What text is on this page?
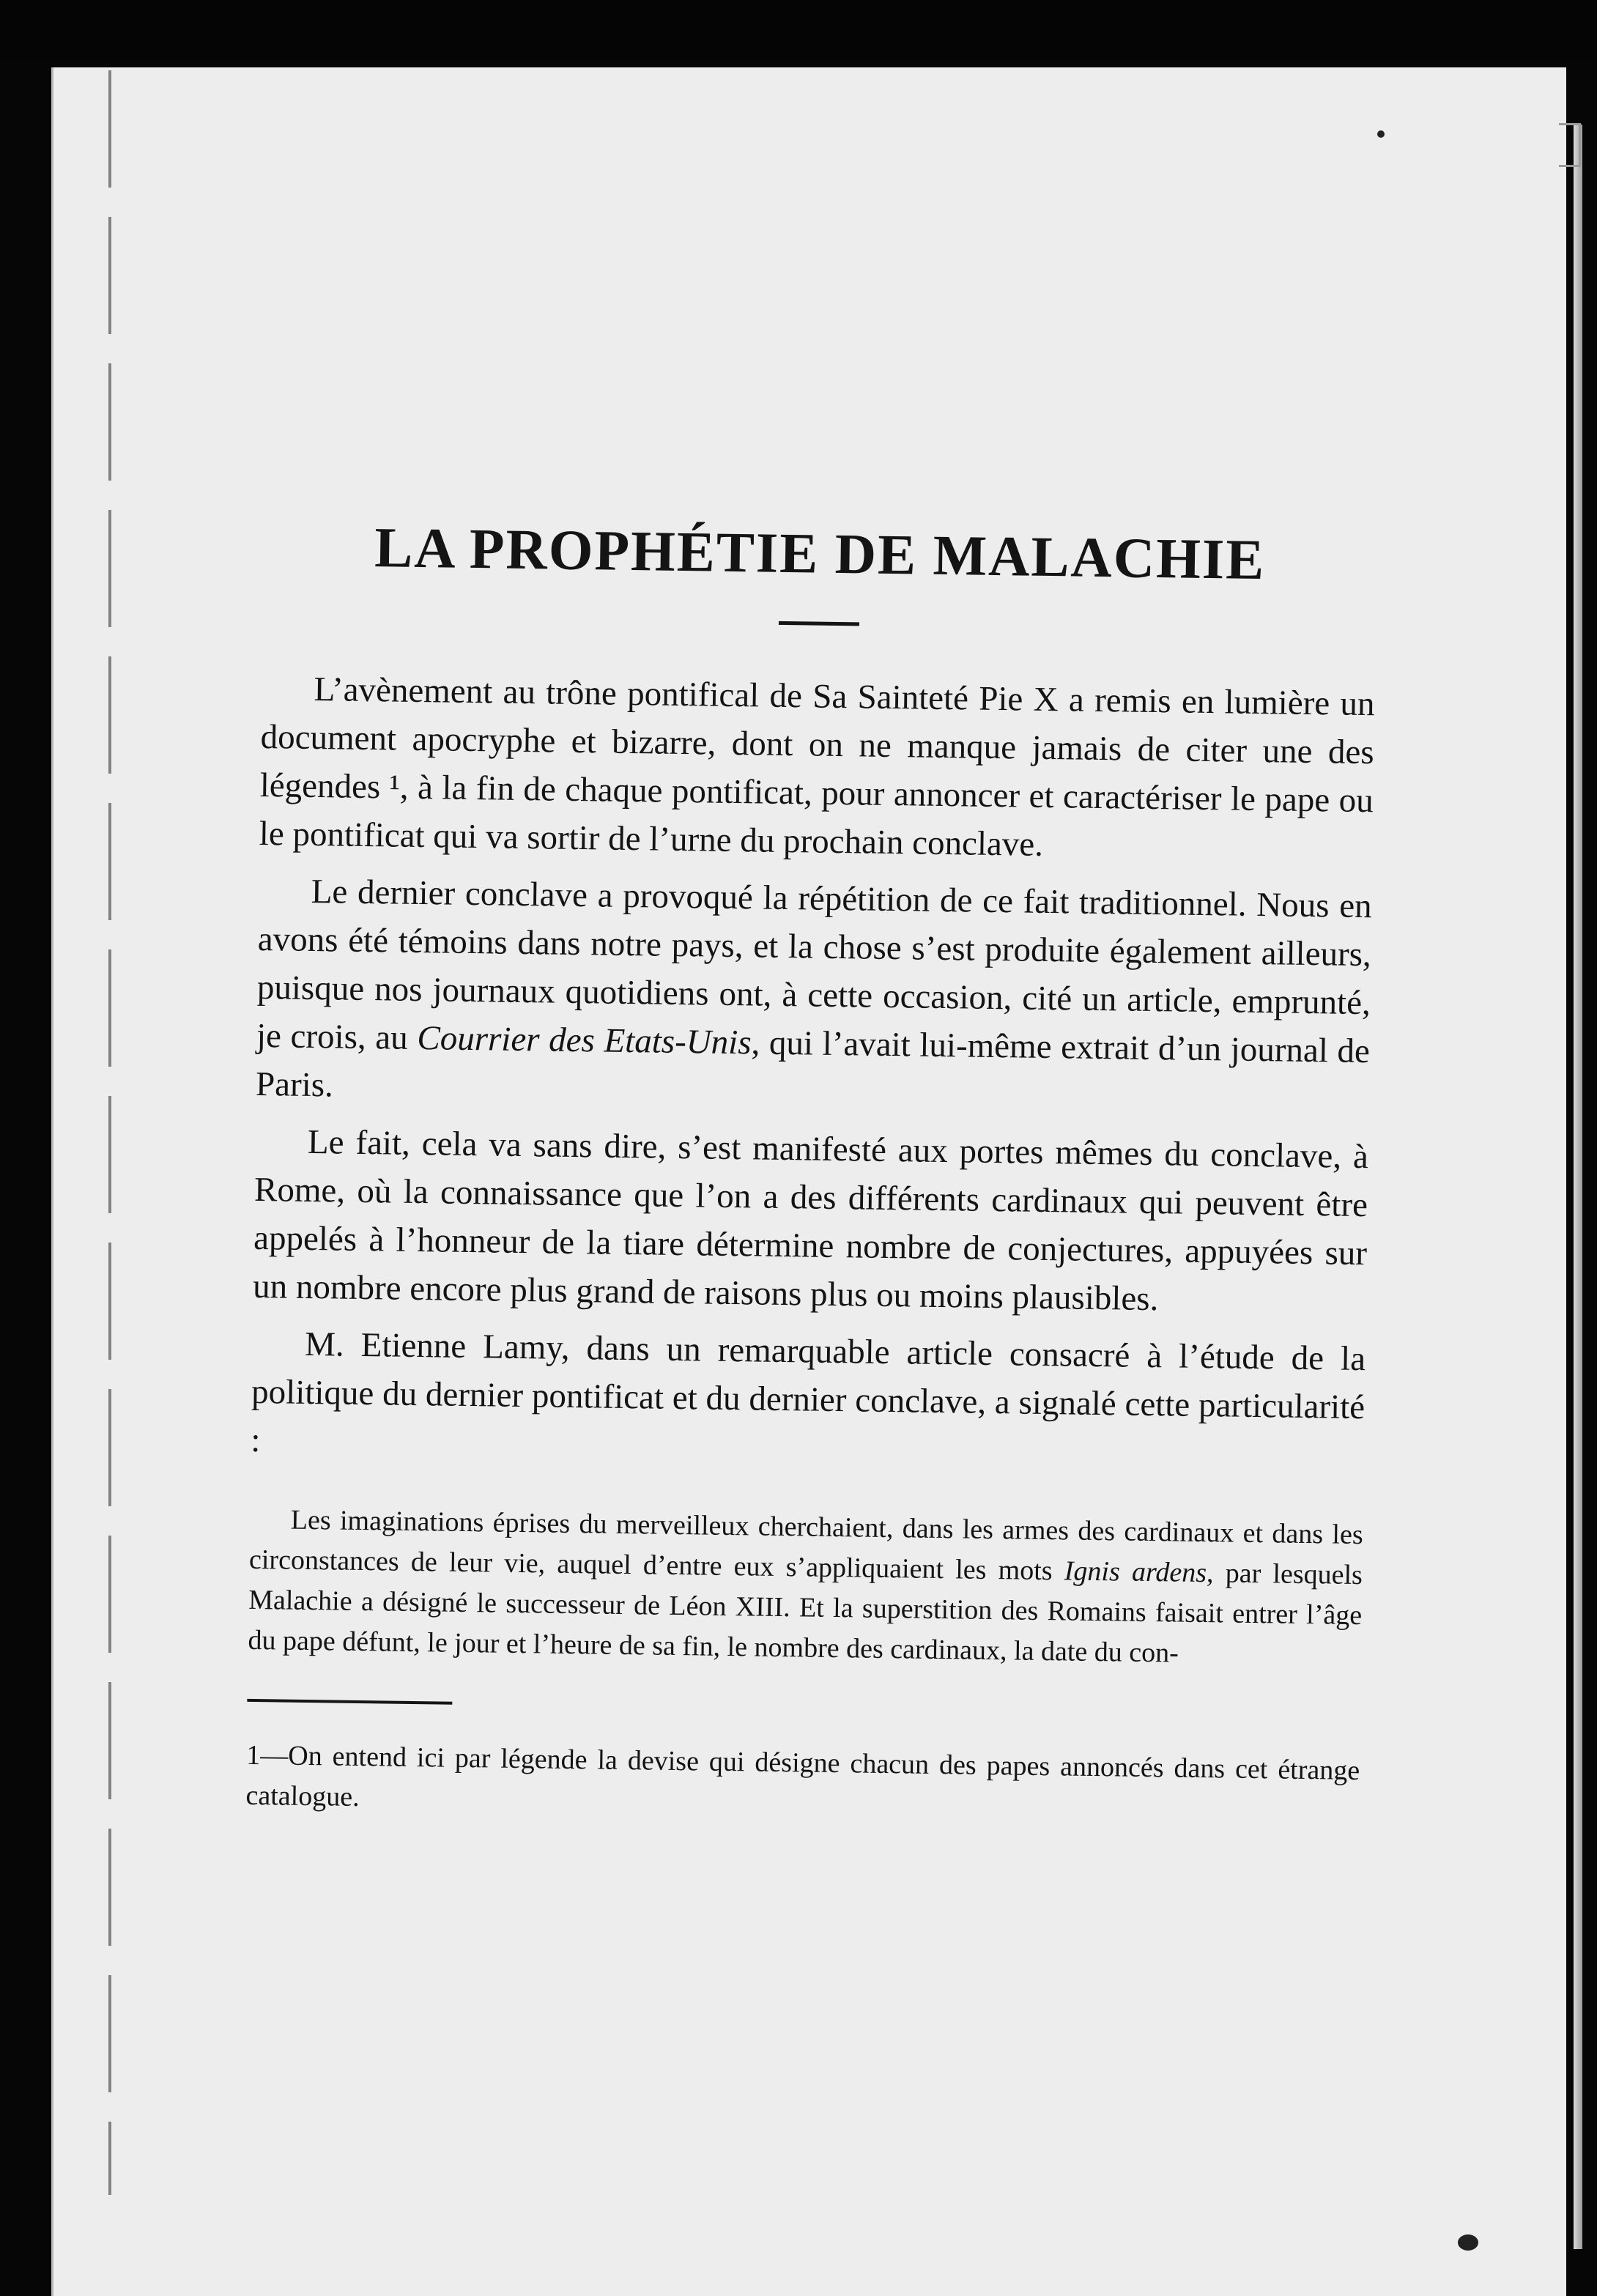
LA PROPHÉTIE DE MALACHIE

L’avènement au trône pontifical de Sa Sainteté Pie X a remis en lumière un document apocryphe et bizarre, dont on ne manque jamais de citer une des légendes ¹, à la fin de chaque pontificat, pour annoncer et caractériser le pape ou le pontificat qui va sortir de l’urne du prochain conclave.

Le dernier conclave a provoqué la répétition de ce fait traditionnel. Nous en avons été témoins dans notre pays, et la chose s’est produite également ailleurs, puisque nos journaux quotidiens ont, à cette occasion, cité un article, emprunté, je crois, au Courrier des Etats-Unis, qui l’avait lui-même extrait d’un journal de Paris.

Le fait, cela va sans dire, s’est manifesté aux portes mêmes du conclave, à Rome, où la connaissance que l’on a des différents cardinaux qui peuvent être appelés à l’honneur de la tiare détermine nombre de conjectures, appuyées sur un nombre encore plus grand de raisons plus ou moins plausibles.

M. Etienne Lamy, dans un remarquable article consacré à l’étude de la politique du dernier pontificat et du dernier conclave, a signalé cette particularité :

Les imaginations éprises du merveilleux cherchaient, dans les armes des cardinaux et dans les circonstances de leur vie, auquel d’entre eux s’appliquaient les mots Ignis ardens, par lesquels Malachie a désigné le successeur de Léon XIII. Et la superstition des Romains faisait entrer l’âge du pape défunt, le jour et l’heure de sa fin, le nombre des cardinaux, la date du con-

1—On entend ici par légende la devise qui désigne chacun des papes annoncés dans cet étrange catalogue.
